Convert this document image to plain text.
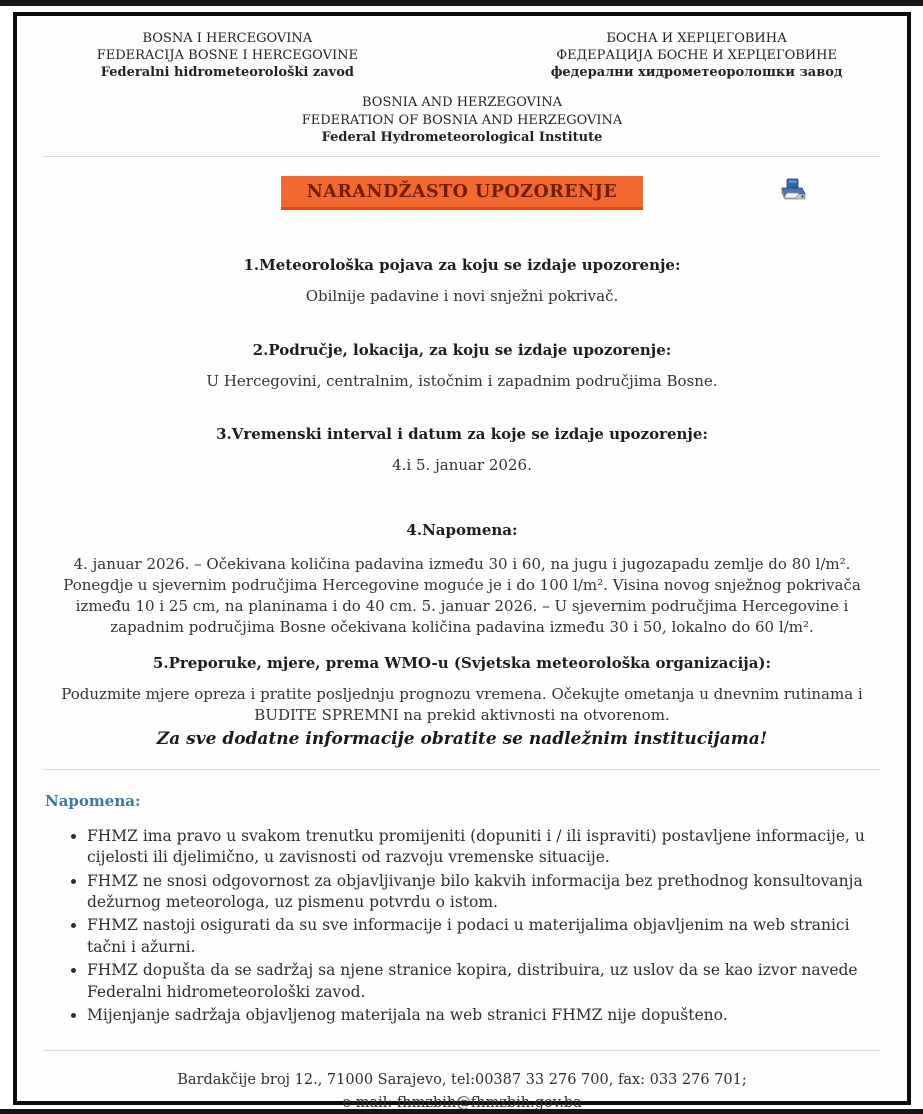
BOSNA I HERCEGOVINA
FEDERACIJA BOSNE I HERCEGOVINE
Federalni hidrometeorološki zavod
БОСНА И ХЕРЦЕГОВИНА
ФЕДЕРАЦИЈА БОСНЕ И ХЕРЦЕГОВИНЕ
федерални хидрометеоролошки завод
BOSNIA AND HERZEGOVINA
FEDERATION OF BOSNIA AND HERZEGOVINA
Federal Hydrometeorological Institute
NARANDŽASTO UPOZORENJE
1.Meteorološka pojava za koju se izdaje upozorenje:
Obilnije padavine i novi snježni pokrivač.
2.Područje, lokacija, za koju se izdaje upozorenje:
U Hercegovini, centralnim, istočnim i zapadnim područjima Bosne.
3.Vremenski interval i datum za koje se izdaje upozorenje:
4.i 5. januar 2026.
4.Napomena:
4. januar 2026. – Očekivana količina padavina između 30 i 60, na jugu i jugozapadu zemlje do 80 l/m². Ponegdje u sjevernim područjima Hercegovine moguće je i do 100 l/m². Visina novog snježnog pokrivača između 10 i 25 cm, na planinama i do 40 cm. 5. januar 2026. – U sjevernim područjima Hercegovine i zapadnim područjima Bosne očekivana količina padavina između 30 i 50, lokalno do 60 l/m².
5.Preporuke, mjere, prema WMO-u (Svjetska meteorološka organizacija):
Poduzmite mjere opreza i pratite posljednju prognozu vremena. Očekujte ometanja u dnevnim rutinama i BUDITE SPREMNI na prekid aktivnosti na otvorenom.
Za sve dodatne informacije obratite se nadležnim institucijama!
Napomena:
• FHMZ ima pravo u svakom trenutku promijeniti (dopuniti i / ili ispraviti) postavljene informacije, u cijelosti ili djelimično, u zavisnosti od razvoju vremenske situacije.
• FHMZ ne snosi odgovornost za objavljivanje bilo kakvih informacija bez prethodnog konsultovanja dežurnog meteorologa, uz pismenu potvrdu o istom.
• FHMZ nastoji osigurati da su sve informacije i podaci u materijalima objavljenim na web stranici tačni i ažurni.
• FHMZ dopušta da se sadržaj sa njene stranice kopira, distribuira, uz uslov da se kao izvor navede Federalni hidrometeorološki zavod.
• Mijenjanje sadržaja objavljenog materijala na web stranici FHMZ nije dopušteno.
Bardakčije broj 12., 71000 Sarajevo, tel:00387 33 276 700, fax: 033 276 701;
e-mail: fhmzbih@fhmzbih.gov.ba
